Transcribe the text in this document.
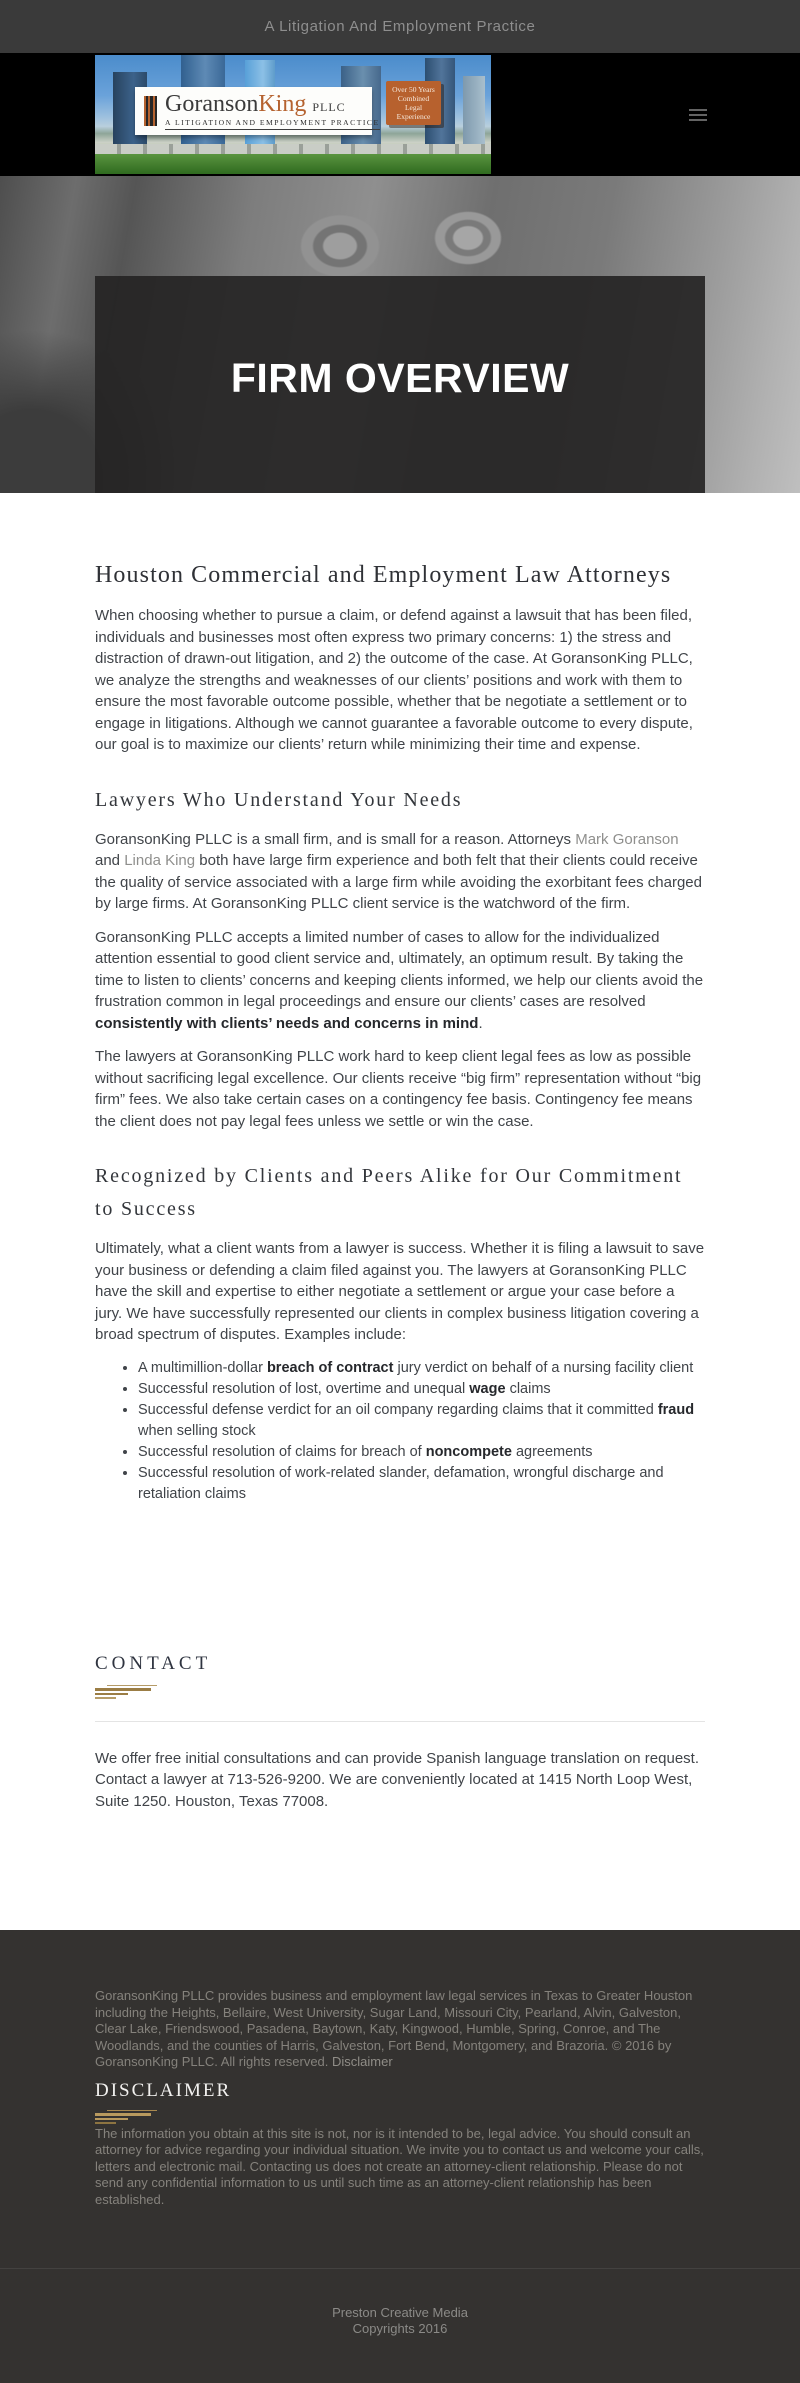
A Litigation And Employment Practice
GoransonKing PLLC
A LITIGATION AND EMPLOYMENT PRACTICE
Over 50 Years
Combined
Legal
Experience
FIRM OVERVIEW
Houston Commercial and Employment Law Attorneys

When choosing whether to pursue a claim, or defend against a lawsuit that has been filed, individuals and businesses most often express two primary concerns: 1) the stress and distraction of drawn-out litigation, and 2) the outcome of the case. At GoransonKing PLLC, we analyze the strengths and weaknesses of our clients’ positions and work with them to ensure the most favorable outcome possible, whether that be negotiate a settlement or to engage in litigations. Although we cannot guarantee a favorable outcome to every dispute, our goal is to maximize our clients’ return while minimizing their time and expense.

Lawyers Who Understand Your Needs

GoransonKing PLLC is a small firm, and is small for a reason. Attorneys Mark Goranson and Linda King both have large firm experience and both felt that their clients could receive the quality of service associated with a large firm while avoiding the exorbitant fees charged by large firms. At GoransonKing PLLC client service is the watchword of the firm.

GoransonKing PLLC accepts a limited number of cases to allow for the individualized attention essential to good client service and, ultimately, an optimum result. By taking the time to listen to clients’ concerns and keeping clients informed, we help our clients avoid the frustration common in legal proceedings and ensure our clients’ cases are resolved consistently with clients’ needs and concerns in mind.

The lawyers at GoransonKing PLLC work hard to keep client legal fees as low as possible without sacrificing legal excellence. Our clients receive “big firm” representation without “big firm” fees. We also take certain cases on a contingency fee basis. Contingency fee means the client does not pay legal fees unless we settle or win the case.

Recognized by Clients and Peers Alike for Our Commitment to Success

Ultimately, what a client wants from a lawyer is success. Whether it is filing a lawsuit to save your business or defending a claim filed against you. The lawyers at GoransonKing PLLC have the skill and expertise to either negotiate a settlement or argue your case before a jury. We have successfully represented our clients in complex business litigation covering a broad spectrum of disputes. Examples include:

• A multimillion-dollar breach of contract jury verdict on behalf of a nursing facility client
• Successful resolution of lost, overtime and unequal wage claims
• Successful defense verdict for an oil company regarding claims that it committed fraud when selling stock
• Successful resolution of claims for breach of noncompete agreements
• Successful resolution of work-related slander, defamation, wrongful discharge and retaliation claims
CONTACT

We offer free initial consultations and can provide Spanish language translation on request. Contact a lawyer at 713-526-9200. We are conveniently located at 1415 North Loop West, Suite 1250. Houston, Texas 77008.

GoransonKing PLLC provides business and employment law legal services in Texas to Greater Houston including the Heights, Bellaire, West University, Sugar Land, Missouri City, Pearland, Alvin, Galveston, Clear Lake, Friendswood, Pasadena, Baytown, Katy, Kingwood, Humble, Spring, Conroe, and The Woodlands, and the counties of Harris, Galveston, Fort Bend, Montgomery, and Brazoria. © 2016 by GoransonKing PLLC. All rights reserved. Disclaimer

DISCLAIMER

The information you obtain at this site is not, nor is it intended to be, legal advice. You should consult an attorney for advice regarding your individual situation. We invite you to contact us and welcome your calls, letters and electronic mail. Contacting us does not create an attorney-client relationship. Please do not send any confidential information to us until such time as an attorney-client relationship has been established.

Preston Creative Media
Copyrights 2016
